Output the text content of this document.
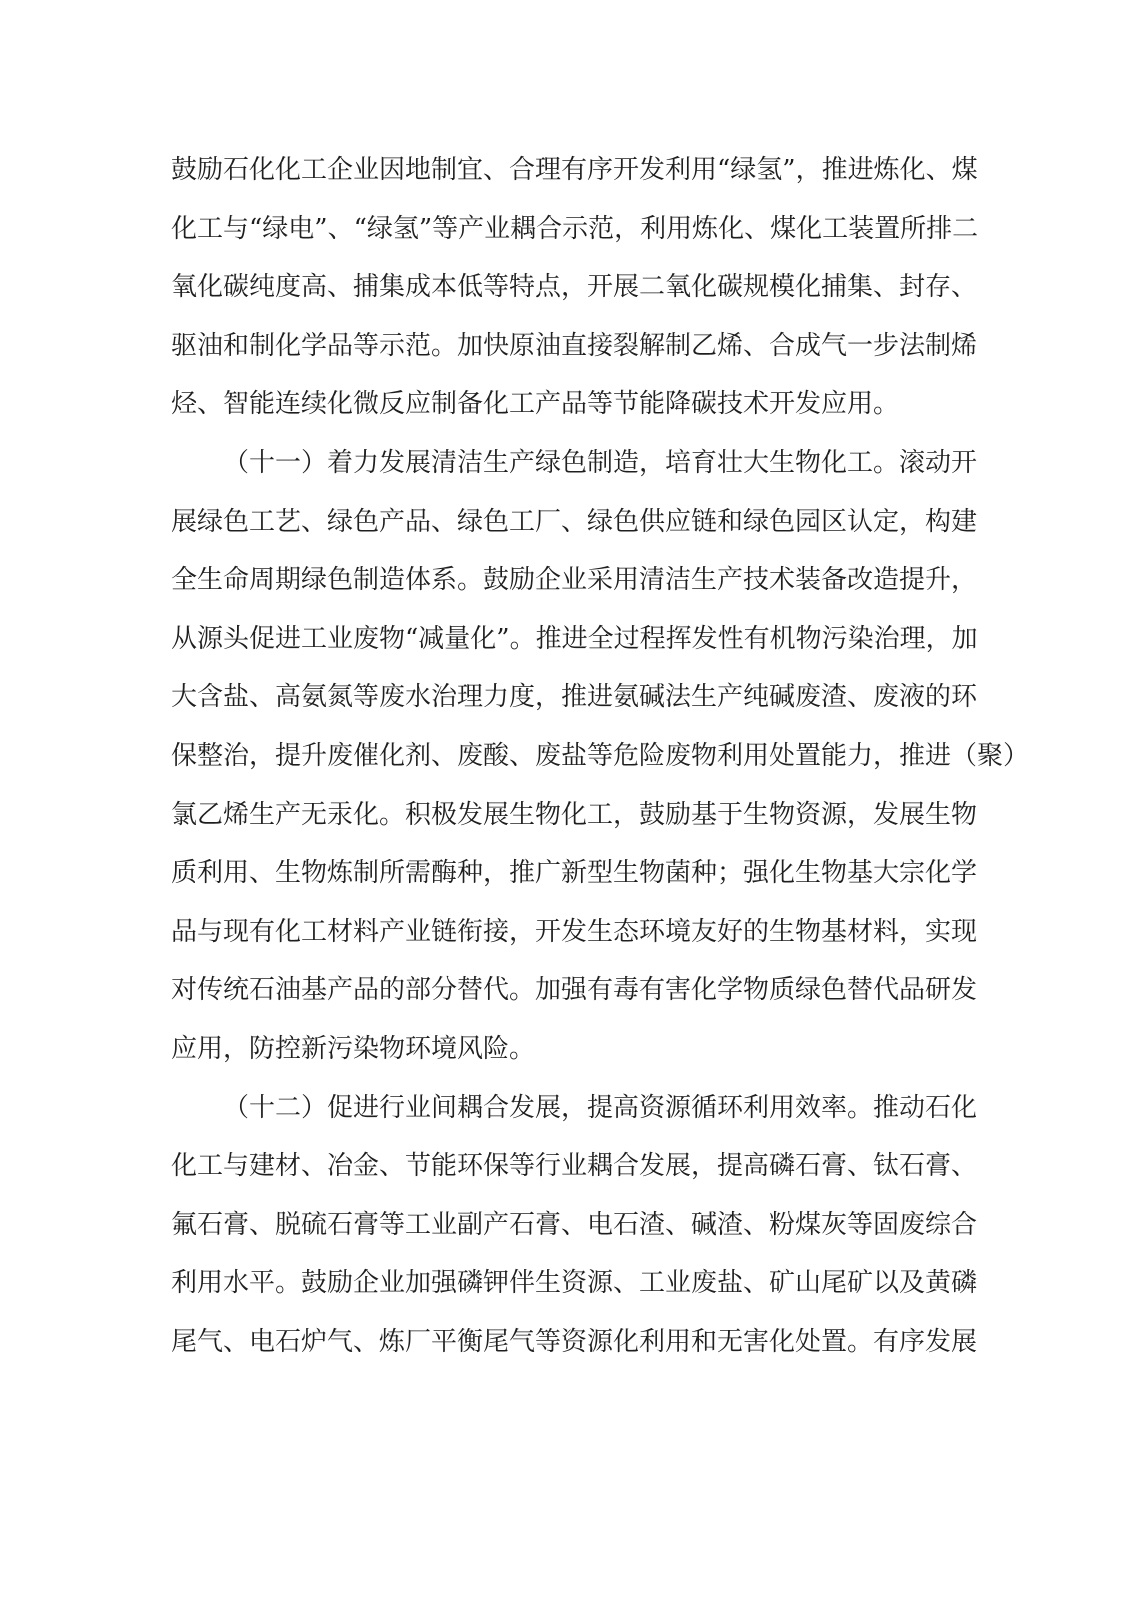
鼓励石化化工企业因地制宜、合理有序开发利用“绿氢”，推进炼化、煤
化工与“绿电”、“绿氢”等产业耦合示范，利用炼化、煤化工装置所排二
氧化碳纯度高、捕集成本低等特点，开展二氧化碳规模化捕集、封存、
驱油和制化学品等示范。加快原油直接裂解制乙烯、合成气一步法制烯
烃、智能连续化微反应制备化工产品等节能降碳技术开发应用。
（十一）着力发展清洁生产绿色制造，培育壮大生物化工。滚动开
展绿色工艺、绿色产品、绿色工厂、绿色供应链和绿色园区认定，构建
全生命周期绿色制造体系。鼓励企业采用清洁生产技术装备改造提升，
从源头促进工业废物“减量化”。推进全过程挥发性有机物污染治理，加
大含盐、高氨氮等废水治理力度，推进氨碱法生产纯碱废渣、废液的环
保整治，提升废催化剂、废酸、废盐等危险废物利用处置能力，推进（聚）
氯乙烯生产无汞化。积极发展生物化工，鼓励基于生物资源，发展生物
质利用、生物炼制所需酶种，推广新型生物菌种；强化生物基大宗化学
品与现有化工材料产业链衔接，开发生态环境友好的生物基材料，实现
对传统石油基产品的部分替代。加强有毒有害化学物质绿色替代品研发
应用，防控新污染物环境风险。
（十二）促进行业间耦合发展，提高资源循环利用效率。推动石化
化工与建材、冶金、节能环保等行业耦合发展，提高磷石膏、钛石膏、
氟石膏、脱硫石膏等工业副产石膏、电石渣、碱渣、粉煤灰等固废综合
利用水平。鼓励企业加强磷钾伴生资源、工业废盐、矿山尾矿以及黄磷
尾气、电石炉气、炼厂平衡尾气等资源化利用和无害化处置。有序发展
